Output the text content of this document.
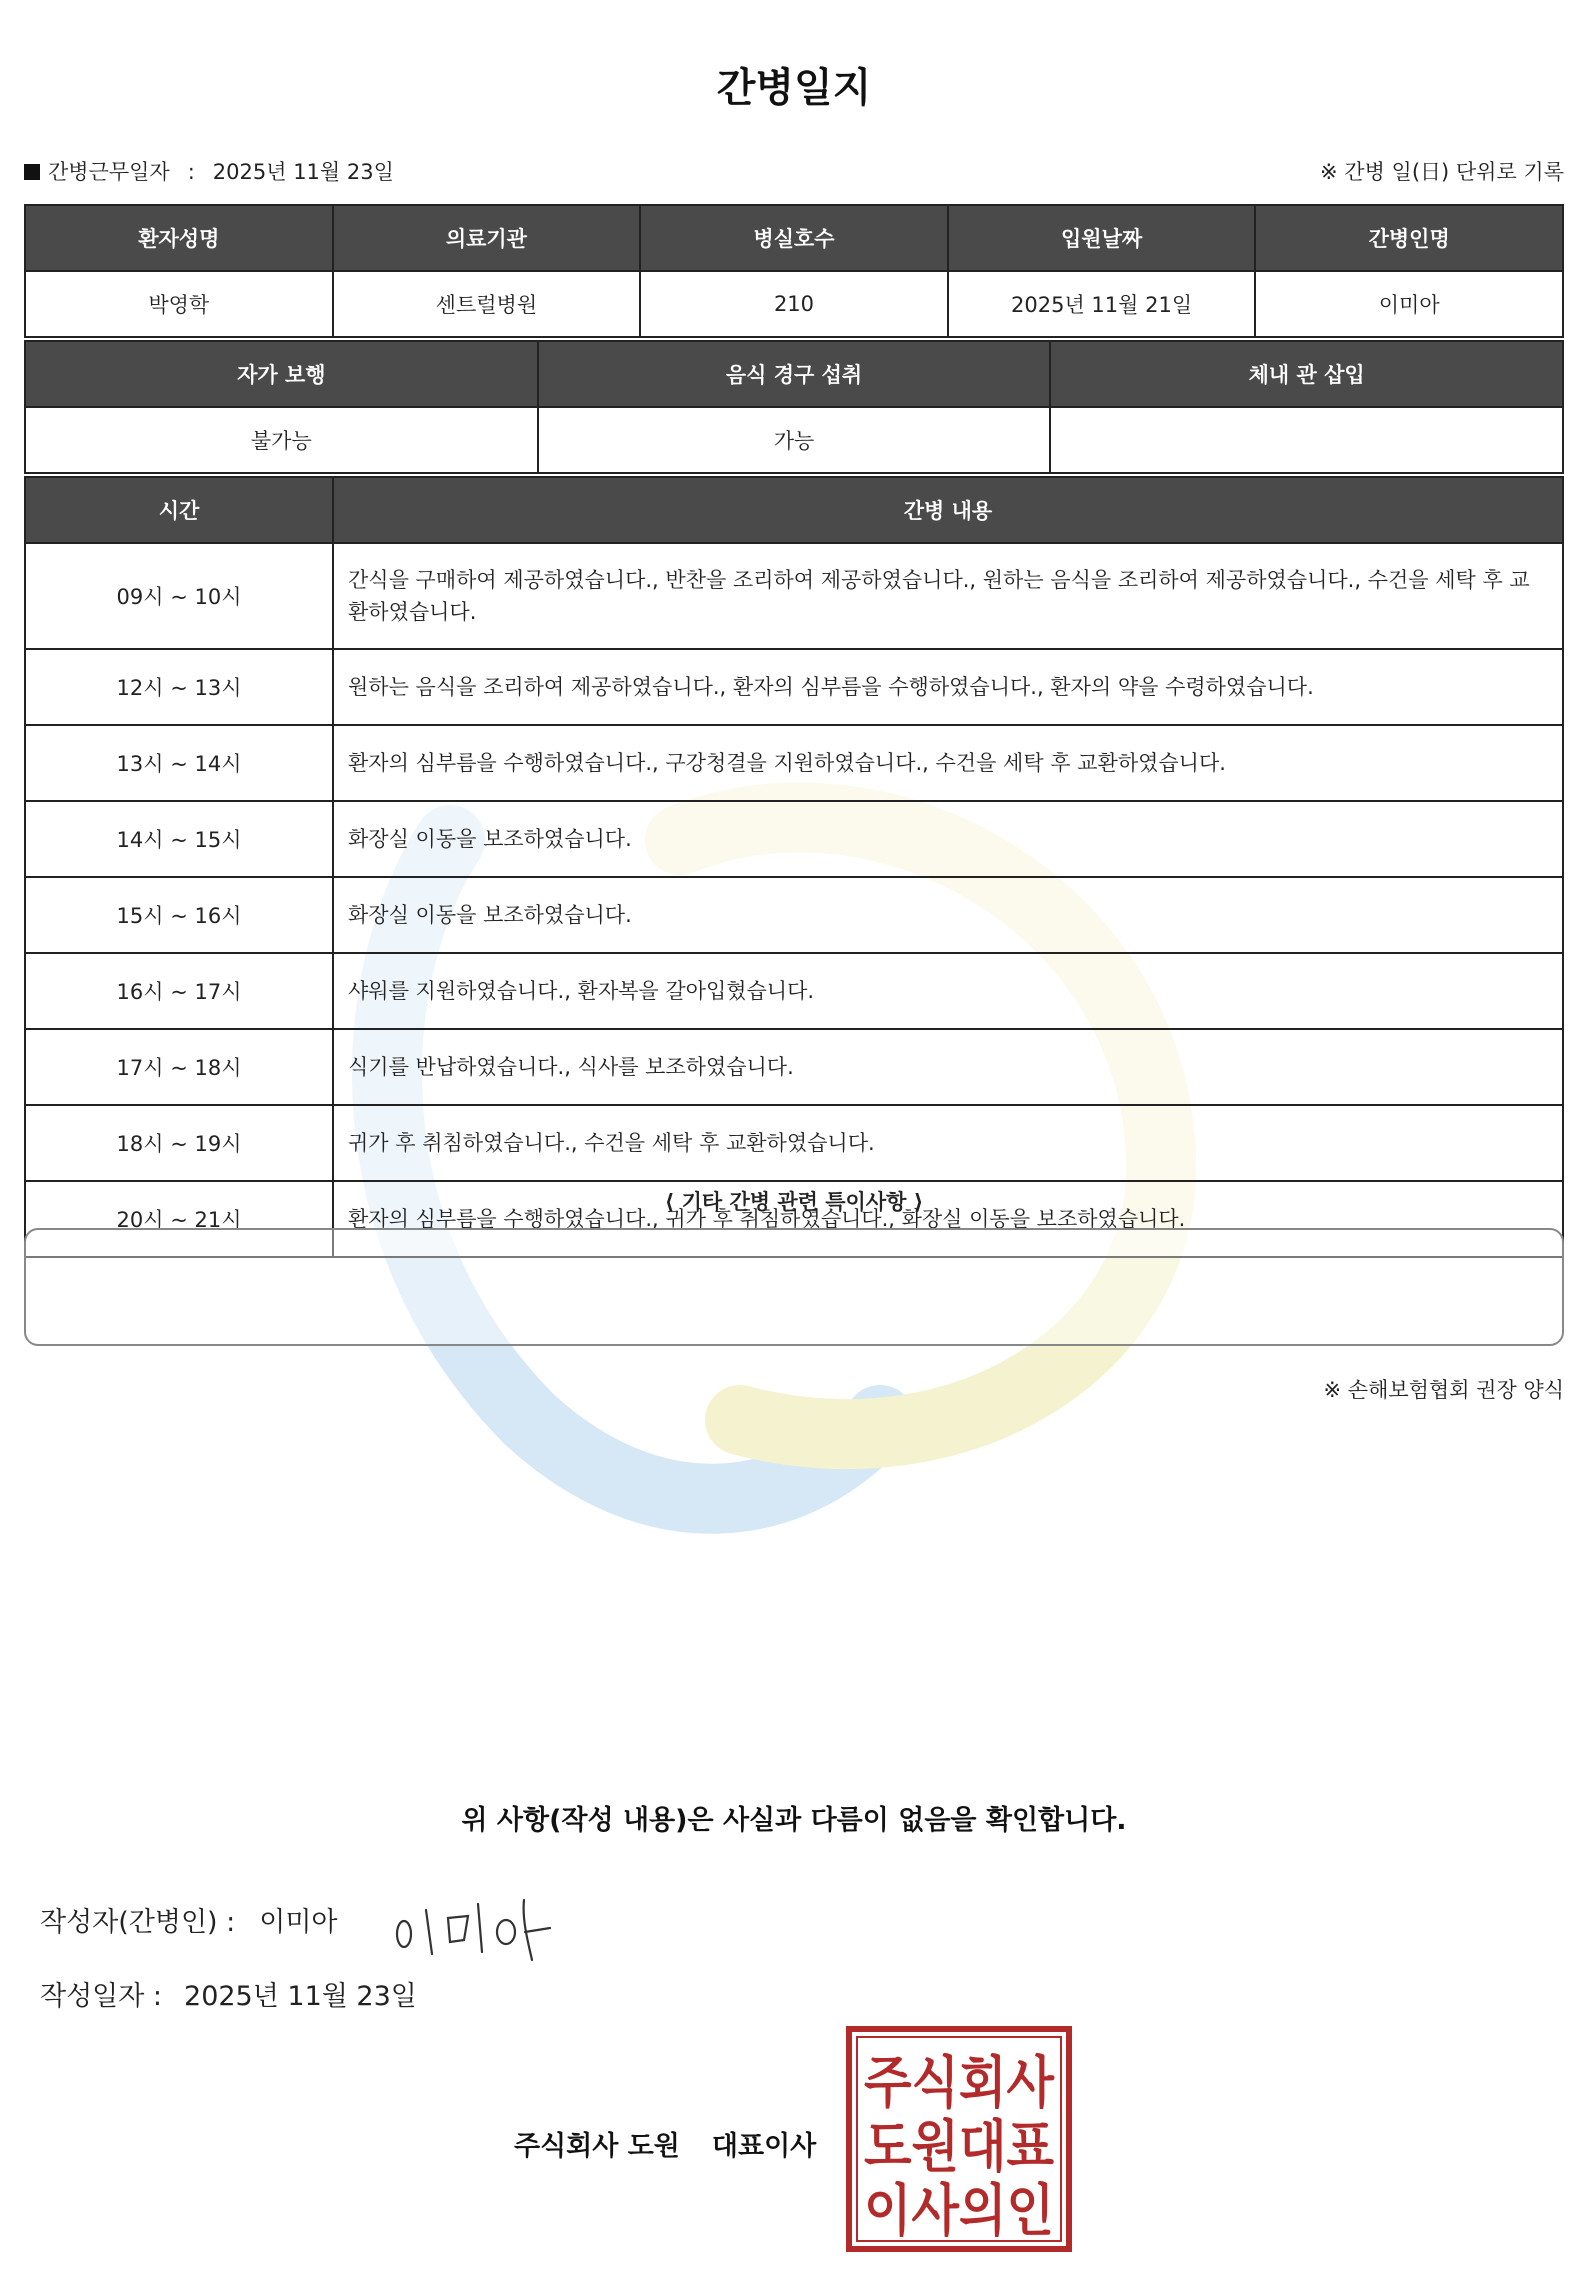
간병일지
간병근무일자 : 2025년 11월 23일	※ 간병 일(日) 단위로 기록
환자성명	의료기관	병실호수	입원날짜	간병인명
박영학	센트럴병원	210	2025년 11월 21일	이미아
자가 보행	음식 경구 섭취	체내 관 삽입
불가능	가능	
시간	간병 내용
09시 ~ 10시	간식을 구매하여 제공하였습니다., 반찬을 조리하여 제공하였습니다., 원하는 음식을 조리하여 제공하였습니다., 수건을 세탁 후 교환하였습니다.
12시 ~ 13시	원하는 음식을 조리하여 제공하였습니다., 환자의 심부름을 수행하였습니다., 환자의 약을 수령하였습니다.
13시 ~ 14시	환자의 심부름을 수행하였습니다., 구강청결을 지원하였습니다., 수건을 세탁 후 교환하였습니다.
14시 ~ 15시	화장실 이동을 보조하였습니다.
15시 ~ 16시	화장실 이동을 보조하였습니다.
16시 ~ 17시	샤워를 지원하였습니다., 환자복을 갈아입혔습니다.
17시 ~ 18시	식기를 반납하였습니다., 식사를 보조하였습니다.
18시 ~ 19시	귀가 후 취침하였습니다., 수건을 세탁 후 교환하였습니다.
20시 ~ 21시	환자의 심부름을 수행하였습니다., 귀가 후 취침하였습니다., 화장실 이동을 보조하였습니다.
⟨ 기타 간병 관련 특이사항 ⟩
※ 손해보험협회 권장 양식
위 사항(작성 내용)은 사실과 다름이 없음을 확인합니다.
작성자(간병인) : 이미아
작성일자 : 2025년 11월 23일
주식회사 도원 대표이사
주식회사
도원대표
이사의인
